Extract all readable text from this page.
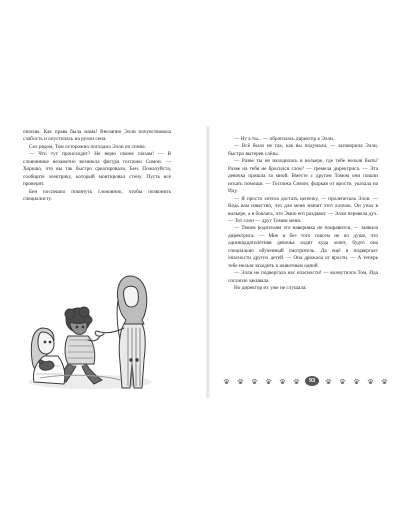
опасны. Как права была мама! Внезапно Элли почувствовала слабость и опустилась на рулон сена.

Сел рядом, Том осторожно погладил Элли по спине.

— Что тут происходит? Не верю своим глазам! — В слоновнике незаметно возникла фигура госпожи Симон. — Хорошо, что вы так быстро среагировали, Бен. Пожалуйста, сообщите электрику, который монтировал стену. Пусть всё проверит.

Бен поспешил покинуть слоновник, чтобы позвонить специалисту.

— Ну а ты... — обратилась директор к Элли.

— Всё было не так, как вы подумали, — заговорила Элли, быстро вытерев слёзы.

— Разве ты не находилась в вольере, где тебе нельзя быть? Разве на тебя не бросился слон? — гремела директриса. — Эта девочка пришла за мной. Вместе с другом Томом они пошли искать помощи. — Госпожа Симон, фыркая от ярости, указала на Иду.

— Я просто хотела достать цепочку, — пролепетала Элли. — Ведь вам известно, что для меня значит этот клочок. Он упал в вольере, а я боялась, что Эмно его раздавит. — Элли перевела дух. — Тот слон — друг Томом меня.

— Твоим родителям это наверняка не понравится, — заявила директриса. — Мне и без того совсем не по душе, что одиннадцатилетняя девочка ходит куда хочет, будто она специально обученный смотритель. Да ещё и подвергает опасности других детей. — Она дрожала от ярости. — А теперь тебе нельзя заходить к животным одной.

— Элли не подвергала нас опасности! — возмутился Том, Ида согласно закивала.

Но директор их уже не слушала:

93
